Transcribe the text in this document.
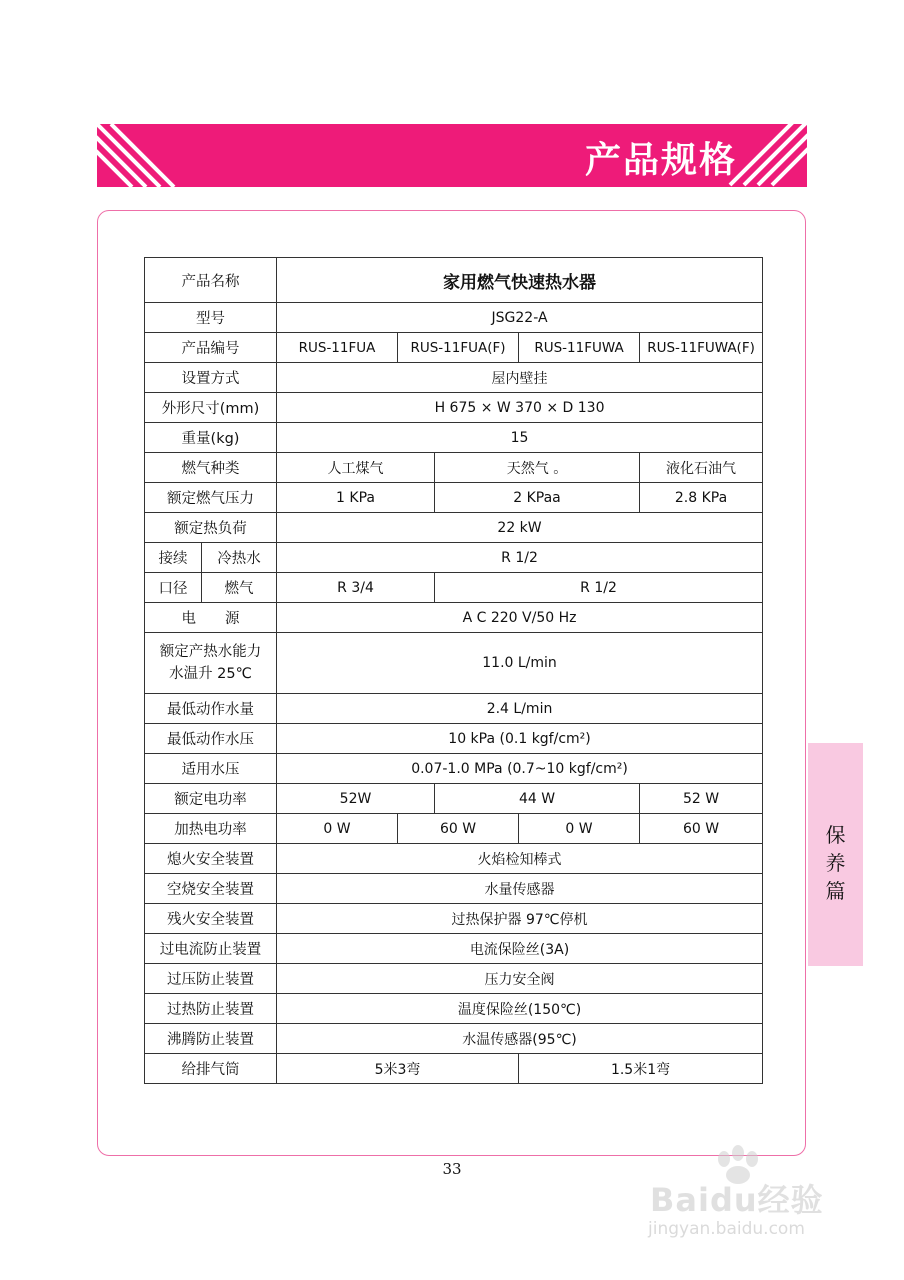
产品规格
保
养
篇
产品名称		家用燃气快速热水器				
型号		JSG22-A				
产品编号		RUS-11FUA	RUS-11FUA(F)		RUS-11FUWA	RUS-11FUWA(F)
设置方式		屋内壁挂				
外形尺寸(mm)		H 675 × W 370 × D 130				
重量(kg)		15				
燃气种类		人工煤气		天然气 。		液化石油气
额定燃气压力		1 KPa		2 KPaa		2.8 KPa
额定热负荷		22 kW				
接续	冷热水	R 1/2				
口径	燃气	R 3/4		R 1/2		
电　　源		A C 220 V/50 Hz				

额定产热水能力
水温升 25℃		11.0 L/min				
最低动作水量		2.4 L/min				
最低动作水压		10 kPa (0.1 kgf/cm²)				
适用水压		0.07-1.0 MPa (0.7~10 kgf/cm²)				
额定电功率		52W		44 W		52 W
加热电功率		0 W	60 W		0 W	60 W
熄火安全装置		火焰检知棒式				
空烧安全装置		水量传感器				
残火安全装置		过热保护器 97℃停机				
过电流防止装置		电流保险丝(3A)				
过压防止装置		压力安全阀				
过热防止装置		温度保险丝(150℃)				
沸腾防止装置		水温传感器(95℃)				
给排气筒		5米3弯			1.5米1弯	
33
Baidu经验
jingyan.baidu.com
